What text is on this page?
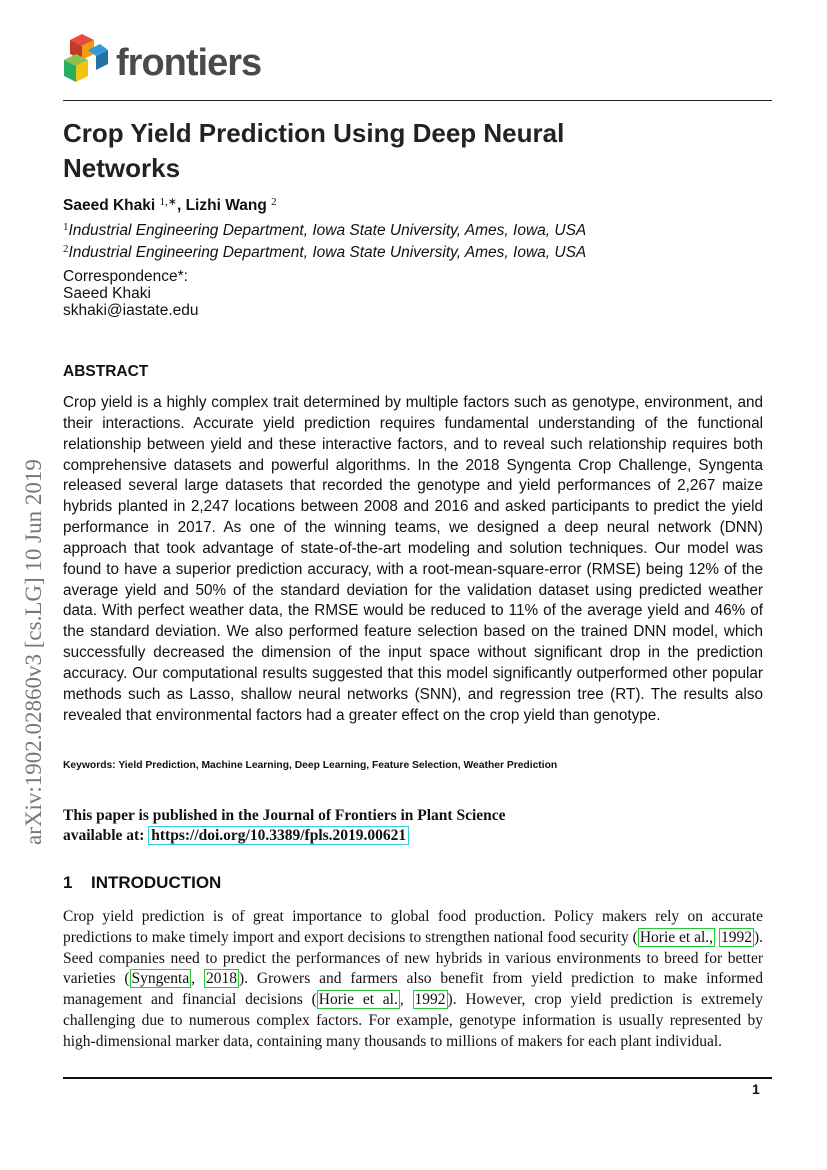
frontiers
arXiv:1902.02860v3 [cs.LG] 10 Jun 2019
Crop Yield Prediction Using Deep Neural Networks
Saeed Khaki $^{1,∗}$, Lizhi Wang $^2$
$^1$Industrial Engineering Department, Iowa State University, Ames, Iowa, USA
$^2$Industrial Engineering Department, Iowa State University, Ames, Iowa, USA
Correspondence*:
Saeed Khaki
skhaki@iastate.edu
ABSTRACT
Crop yield is a highly complex trait determined by multiple factors such as genotype, environment, and their interactions. Accurate yield prediction requires fundamental understanding of the functional relationship between yield and these interactive factors, and to reveal such relationship requires both comprehensive datasets and powerful algorithms. In the 2018 Syngenta Crop Challenge, Syngenta released several large datasets that recorded the genotype and yield performances of 2,267 maize hybrids planted in 2,247 locations between 2008 and 2016 and asked participants to predict the yield performance in 2017. As one of the winning teams, we designed a deep neural network (DNN) approach that took advantage of state-of-the-art modeling and solution techniques. Our model was found to have a superior prediction accuracy, with a root-mean-square-error (RMSE) being 12% of the average yield and 50% of the standard deviation for the validation dataset using predicted weather data. With perfect weather data, the RMSE would be reduced to 11% of the average yield and 46% of the standard deviation. We also performed feature selection based on the trained DNN model, which successfully decreased the dimension of the input space without significant drop in the prediction accuracy. Our computational results suggested that this model significantly outperformed other popular methods such as Lasso, shallow neural networks (SNN), and regression tree (RT). The results also revealed that environmental factors had a greater effect on the crop yield than genotype.
Keywords: Yield Prediction, Machine Learning, Deep Learning, Feature Selection, Weather Prediction
This paper is published in the Journal of Frontiers in Plant Science
available at: https://doi.org/10.3389/fpls.2019.00621
1 INTRODUCTION
Crop yield prediction is of great importance to global food production. Policy makers rely on accurate predictions to make timely import and export decisions to strengthen national food security ( Horie et al., 1992 ). Seed companies need to predict the performances of new hybrids in various environments to breed for better varieties ( Syngenta , 2018 ). Growers and farmers also benefit from yield prediction to make informed management and financial decisions ( Horie et al. , 1992 ). However, crop yield prediction is extremely challenging due to numerous complex factors. For example, genotype information is usually represented by high-dimensional marker data, containing many thousands to millions of makers for each plant individual.
1
